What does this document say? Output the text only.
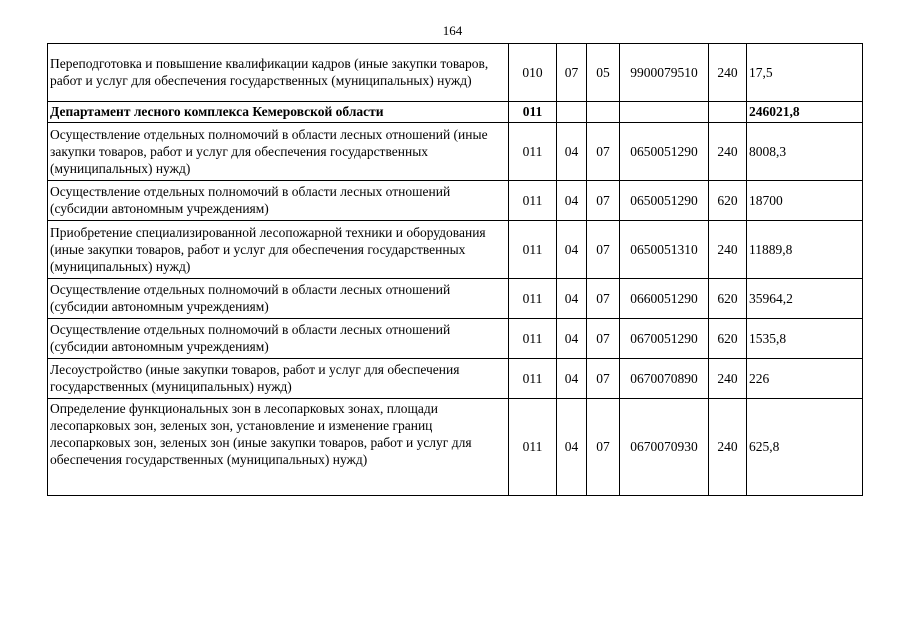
164
Переподготовка и повышение квалификации кадров (иные закупки товаров, работ и услуг для обеспечения государственных (муниципальных) нужд)	010	07	05	9900079510	240	17,5
Департамент лесного комплекса Кемеровской области	011					246021,8
Осуществление отдельных полномочий в области лесных отношений (иные закупки товаров, работ и услуг для обеспечения государственных (муниципальных) нужд)	011	04	07	0650051290	240	8008,3
Осуществление отдельных полномочий в области лесных отношений (субсидии автономным учреждениям)	011	04	07	0650051290	620	18700
Приобретение специализированной лесопожарной техники и оборудования (иные закупки товаров, работ и услуг для обеспечения государственных (муниципальных) нужд)	011	04	07	0650051310	240	11889,8
Осуществление отдельных полномочий в области лесных отношений (субсидии автономным учреждениям)	011	04	07	0660051290	620	35964,2
Осуществление отдельных полномочий в области лесных отношений (субсидии автономным учреждениям)	011	04	07	0670051290	620	1535,8
Лесоустройство (иные закупки товаров, работ и услуг для обеспечения государственных (муниципальных) нужд)	011	04	07	0670070890	240	226
Определение функциональных зон в лесопарковых зонах, площади лесопарковых зон, зеленых зон, установление и изменение границ лесопарковых зон, зеленых зон (иные закупки товаров, работ и услуг для обеспечения государственных (муниципальных) нужд)	011	04	07	0670070930	240	625,8
